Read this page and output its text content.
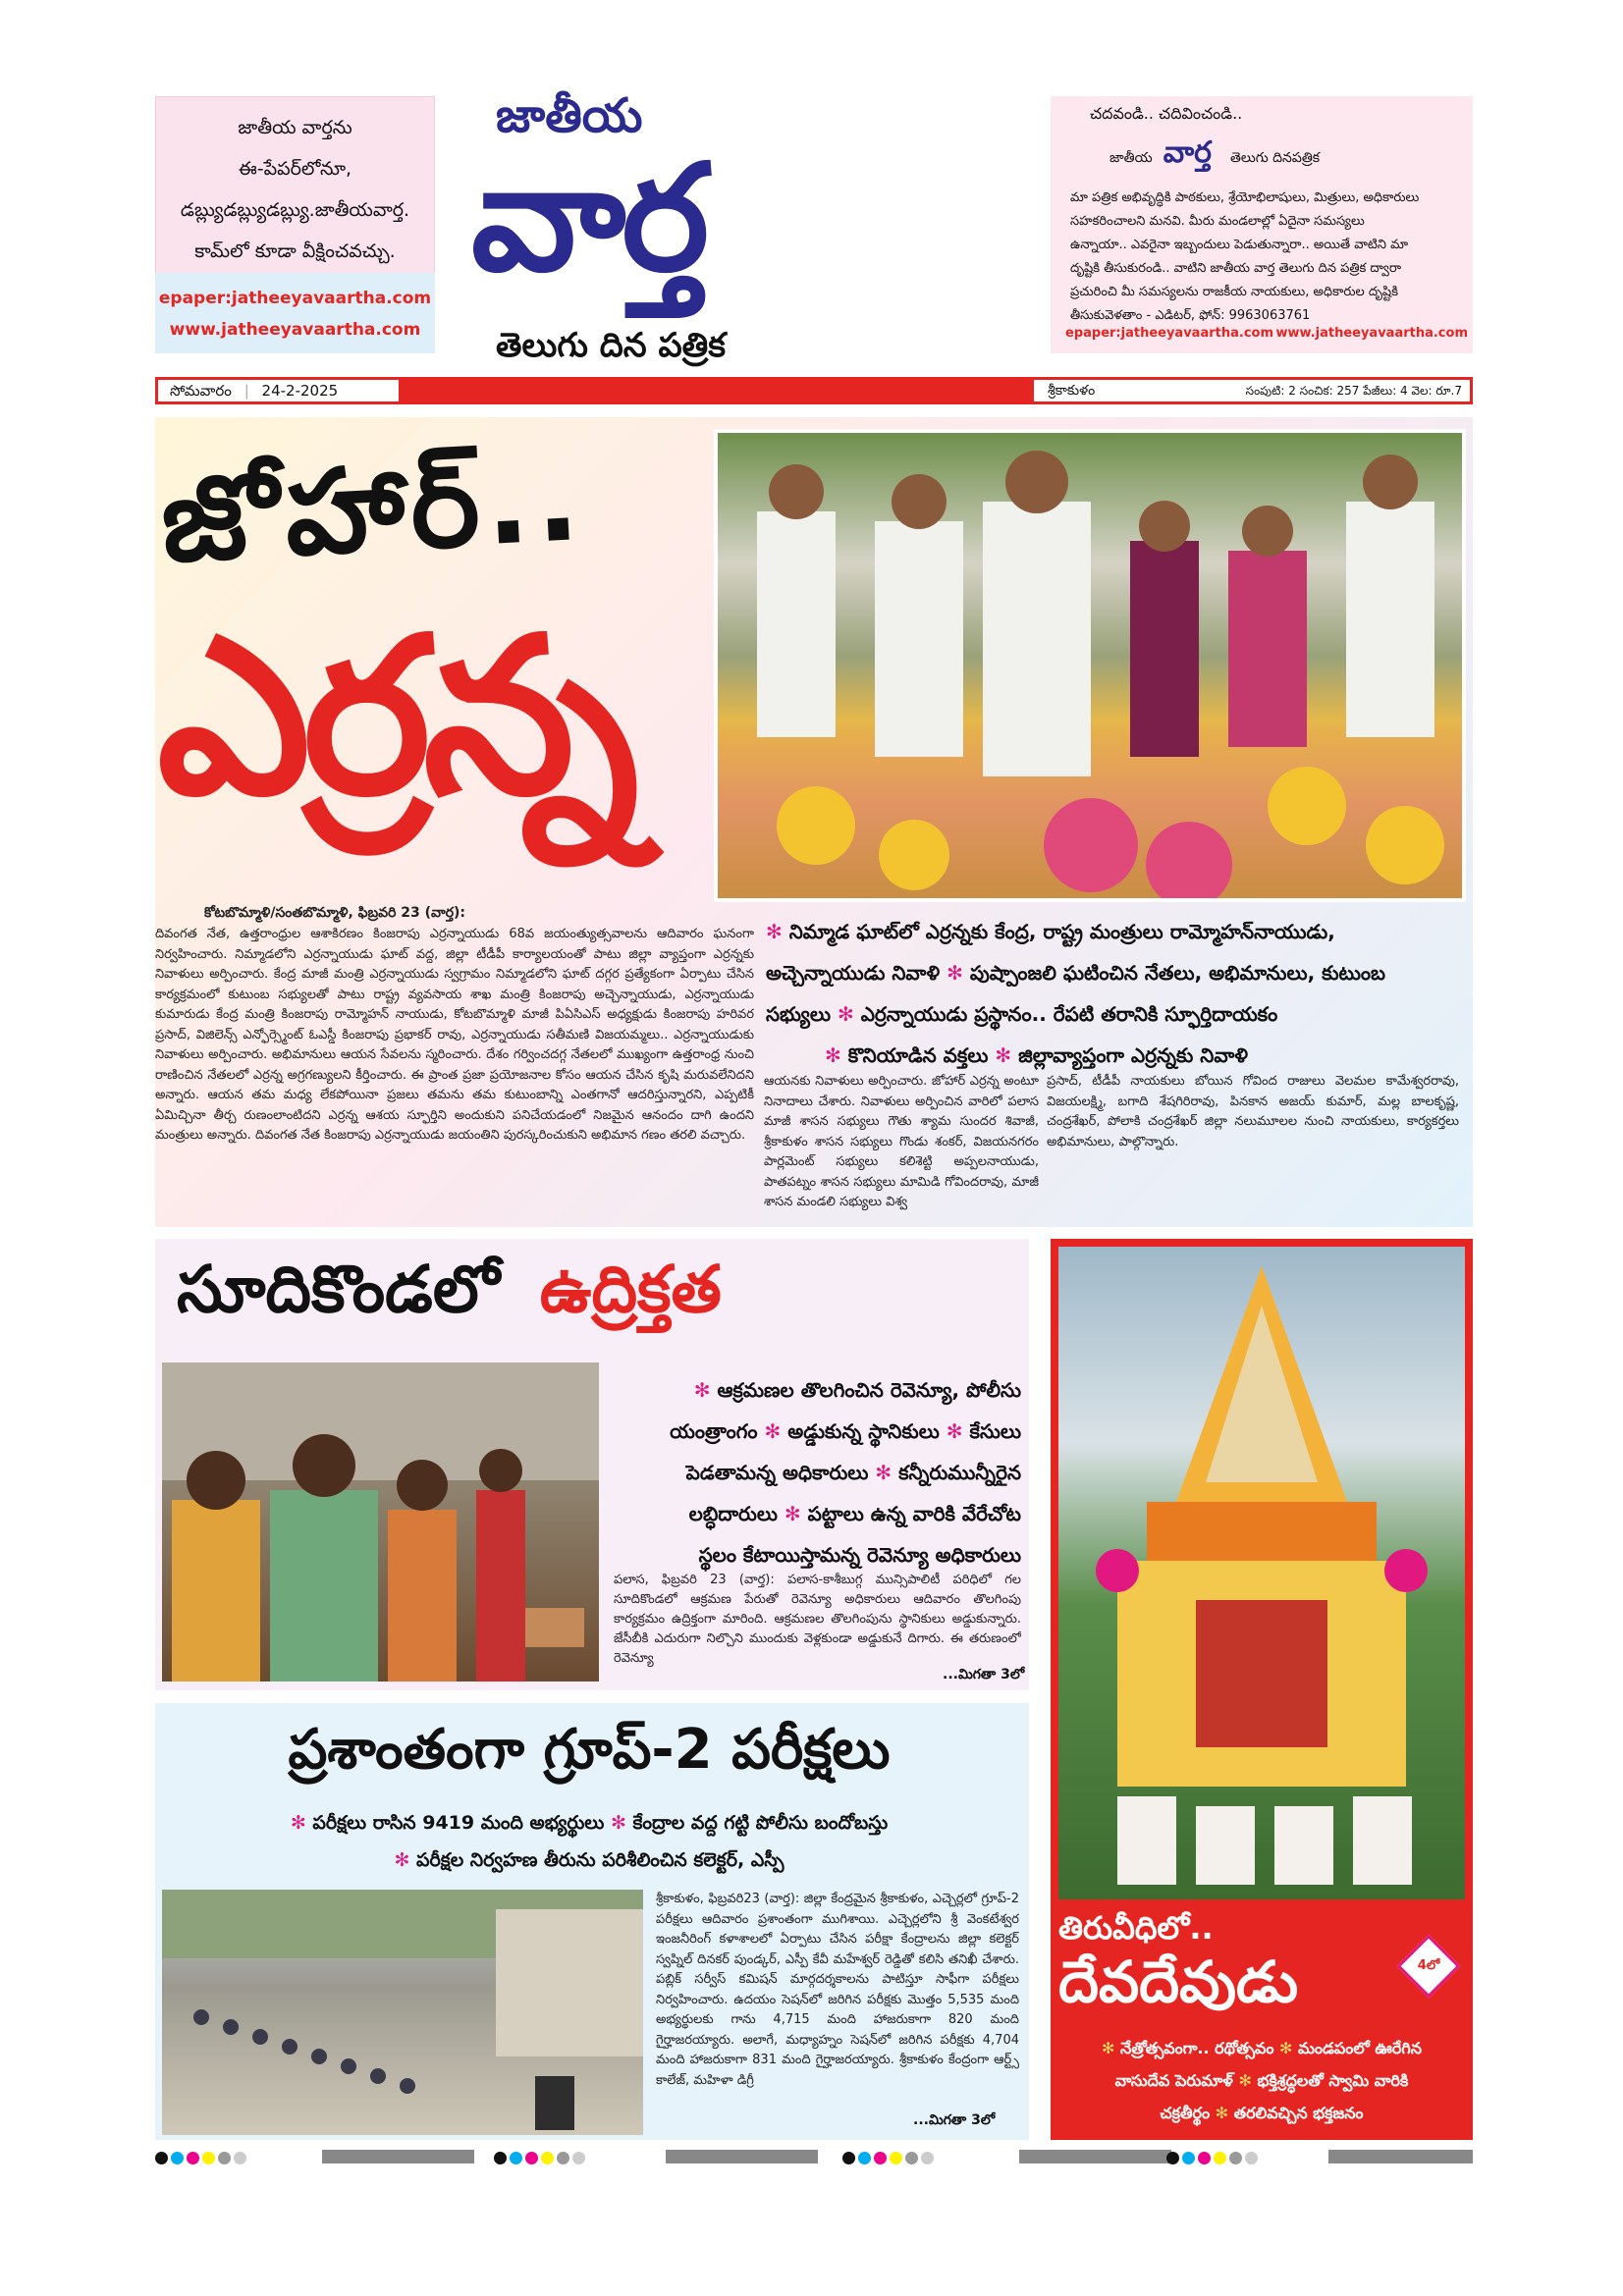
జాతీయ వార్తను
ఈ-పేపర్‌లోనూ,
డబ్ల్యుడబ్ల్యుడబ్ల్యు.జాతీయవార్త.
కామ్‌లో కూడా వీక్షించవచ్చు.
epaper:jatheeyavaartha.com
www.jatheeyavaartha.com
జాతీయ
వార్త
తెలుగు దిన పత్రిక
చదవండి.. చదివించండి..
జాతీయ వార్త తెలుగు దినపత్రిక
మా పత్రిక అభివృద్ధికి పాఠకులు, శ్రేయోభిలాషులు, మిత్రులు, అధికారులు
సహకరించాలని మనవి. మీరు మండలాల్లో ఏదైనా సమస్యలు
ఉన్నాయా.. ఎవరైనా ఇబ్బందులు పెడుతున్నారా.. అయితే వాటిని మా
దృష్టికి తీసుకురండి.. వాటిని జాతీయ వార్త తెలుగు దిన పత్రిక ద్వారా
ప్రచురించి మీ సమస్యలను రాజకీయ నాయకులు, అధికారుల దృష్టికి
తీసుకువెళతాం - ఎడిటర్, ఫోన్: 9963063761
epaper:jatheeyavaartha.com www.jatheeyavaartha.com
సోమవారం | 24-2-2025	శ్రీకాకుళం	సంపుటి: 2 సంచిక: 257 పేజీలు: 4 వెల: రూ.7
జోహార్..
ఎర్రన్న
కోటబొమ్మాళి/సంతబొమ్మాళి, ఫిబ్రవరి 23 (వార్త):
దివంగత నేత, ఉత్తరాంధ్రుల ఆశాకిరణం కింజరాపు ఎర్రన్నాయుడు 68వ జయంత్యుత్సవాలను ఆదివారం ఘనంగా నిర్వహించారు. నిమ్మాడలోని ఎర్రన్నాయుడు ఘాట్ వద్ద, జిల్లా టీడీపీ కార్యాలయంతో పాటు జిల్లా వ్యాప్తంగా ఎర్రన్నకు నివాళులు అర్పించారు. కేంద్ర మాజీ మంత్రి ఎర్రన్నాయుడు స్వగ్రామం నిమ్మాడలోని ఘాట్ దగ్గర ప్రత్యేకంగా ఏర్పాటు చేసిన కార్యక్రమంలో కుటుంబ సభ్యులతో పాటు రాష్ట్ర వ్యవసాయ శాఖ మంత్రి కింజరాపు అచ్చెన్నాయుడు, ఎర్రన్నాయుడు కుమారుడు కేంద్ర మంత్రి కింజరాపు రామ్మోహన్ నాయుడు, కోటబొమ్మాళి మాజీ పిఏసిఎస్ అధ్యక్షుడు కింజరాపు హరివర ప్రసాద్, విజిలెన్స్ ఎన్ఫోర్స్మెంట్ ఓఎస్డీ కింజరాపు ప్రభాకర్ రావు, ఎర్రన్నాయుడు సతీమణి విజయమ్మలు.. ఎర్రన్నాయుడుకు నివాళులు అర్పించారు. అభిమానులు ఆయన సేవలను స్మరించారు. దేశం గర్వించదగ్గ నేతలలో ముఖ్యంగా ఉత్తరాంధ్ర నుంచి రాణించిన నేతలలో ఎర్రన్న అగ్రగణ్యులని కీర్తించారు. ఈ ప్రాంత ప్రజా ప్రయోజనాల కోసం ఆయన చేసిన కృషి మరువలేనిదని అన్నారు. ఆయన తమ మధ్య లేకపోయినా ప్రజలు తమను తమ కుటుంబాన్ని ఎంతగానో ఆదరిస్తున్నారని, ఎప్పటికీ ఏమిచ్చినా తీర్చ రుణంలాంటిదని ఎర్రన్న ఆశయ స్ఫూర్తిని అందుకుని పనిచేయడంలో నిజమైన ఆనందం దాగి ఉందని మంత్రులు అన్నారు. దివంగత నేత కింజరాపు ఎర్రన్నాయుడు జయంతిని పురస్కరించుకుని అభిమాన గణం తరలి వచ్చారు.
✻ నిమ్మాడ ఘాట్‌లో ఎర్రన్నకు కేంద్ర, రాష్ట్ర మంత్రులు రామ్మోహన్‌నాయుడు,
అచ్చెన్నాయుడు నివాళి ✻ పుష్పాంజలి ఘటించిన నేతలు, అభిమానులు, కుటుంబ
సభ్యులు ✻ ఎర్రన్నాయుడు ప్రస్థానం.. రేపటి తరానికి స్ఫూర్తిదాయకం
✻ కొనియాడిన వక్తలు ✻ జిల్లావ్యాప్తంగా ఎర్రన్నకు నివాళి
ఆయనకు నివాళులు అర్పించారు. జోహార్ ఎర్రన్న అంటూ నినాదాలు చేశారు. నివాళులు అర్పించిన వారిలో పలాస మాజీ శాసన సభ్యులు గౌతు శ్యామ సుందర శివాజీ, శ్రీకాకుళం శాసన సభ్యులు గొండు శంకర్, విజయనగరం పార్లమెంట్ సభ్యులు కలిశెట్టి అప్పలనాయుడు, పాతపట్నం శాసన సభ్యులు మామిడి గోవిందరావు, మాజీ శాసన మండలి సభ్యులు విశ్వ
ప్రసాద్, టీడీపీ నాయకులు బోయిన గోవింద రాజులు వెలమల కామేశ్వరరావు, విజయలక్ష్మి, బగాది శేషగిరిరావు, పినకాన అజయ్ కుమార్, మల్ల బాలకృష్ణ, చంద్రశేఖర్, పోలాకి చంద్రశేఖర్ జిల్లా నలుమూలల నుంచి నాయకులు, కార్యకర్తలు అభిమానులు, పాల్గొన్నారు.
సూదికొండలో ఉద్రిక్తత
✻ ఆక్రమణల తొలగించిన రెవెన్యూ, పోలీసు
యంత్రాంగం ✻ అడ్డుకున్న స్థానికులు ✻ కేసులు
పెడతామన్న అధికారులు ✻ కన్నీరుమున్నీరైన
లబ్ధిదారులు ✻ పట్టాలు ఉన్న వారికి వేరేచోట
స్థలం కేటాయిస్తామన్న రెవెన్యూ అధికారులు
పలాస, ఫిబ్రవరి 23 (వార్త): పలాస-కాశీబుగ్గ మున్సిపాలిటీ పరిధిలో గల సూదికొండలో ఆక్రమణ పేరుతో రెవెన్యూ అధికారులు ఆదివారం తొలగింపు కార్యక్రమం ఉద్రిక్తంగా మారింది. ఆక్రమణల తొలగింపును స్థానికులు అడ్డుకున్నారు. జేసీబీకి ఎదురుగా నిల్చొని ముందుకు వెళ్లకుండా అడ్డుకునే దిగారు. ఈ తరుణంలో రెవెన్యూ
...మిగతా 3లో
ప్రశాంతంగా గ్రూప్-2 పరీక్షలు
✻ పరీక్షలు రాసిన 9419 మంది అభ్యర్థులు ✻ కేంద్రాల వద్ద గట్టి పోలీసు బందోబస్తు
✻ పరీక్షల నిర్వహణ తీరును పరిశీలించిన కలెక్టర్, ఎస్పీ
శ్రీకాకుళం, ఫిబ్రవరి23 (వార్త): జిల్లా కేంద్రమైన శ్రీకాకుళం, ఎచ్చెర్లలో గ్రూప్-2 పరీక్షలు ఆదివారం ప్రశాంతంగా ముగిశాయి. ఎచ్చెర్లలోని శ్రీ వెంకటేశ్వర ఇంజనీరింగ్ కళాశాలలో ఏర్పాటు చేసిన పరీక్షా కేంద్రాలను జిల్లా కలెక్టర్ స్వప్నిల్ దినకర్ పుండ్కర్, ఎస్పీ కేవీ మహేశ్వర్ రెడ్డితో కలిసి తనిఖీ చేశారు. పబ్లిక్ సర్వీస్ కమిషన్ మార్గదర్శకాలను పాటిస్తూ సాఫీగా పరీక్షలు నిర్వహించారు. ఉదయం సెషన్‌లో జరిగిన పరీక్షకు మొత్తం 5,535 మంది అభ్యర్థులకు గాను 4,715 మంది హాజరుకాగా 820 మంది గైర్హాజరయ్యారు. అలాగే, మధ్యాహ్నం సెషన్‌లో జరిగిన పరీక్షకు 4,704 మంది హాజరుకాగా 831 మంది గైర్హాజరయ్యారు. శ్రీకాకుళం కేంద్రంగా ఆర్ట్స్ కాలేజ్, మహిళా డిగ్రీ
...మిగతా 3లో
తిరువీధిలో..
4లో
దేవదేవుడు
✻ నేత్రోత్సవంగా.. రథోత్సవం ✻ మండపంలో ఊరేగిన
వాసుదేవ పెరుమాళ్ ✻ భక్తిశ్రద్ధలతో స్వామి వారికి
చక్రతీర్థం ✻ తరలివచ్చిన భక్తజనం
